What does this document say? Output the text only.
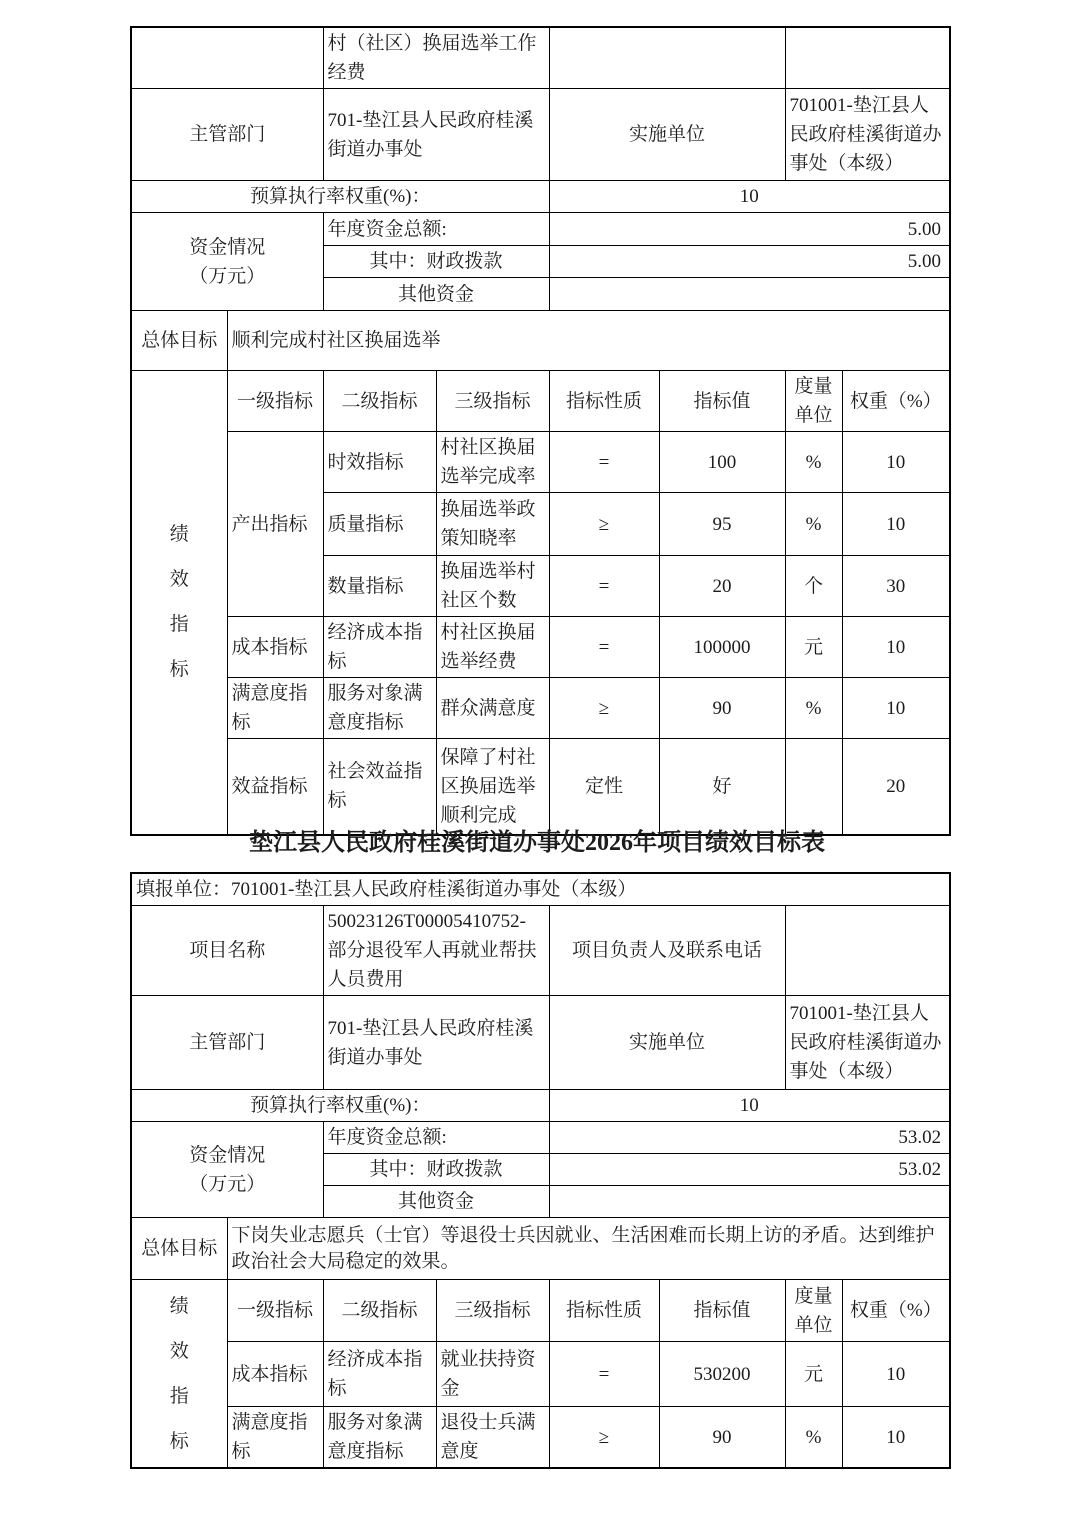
		村（社区）换届选举工作经费					
主管部门		701-垫江县人民政府桂溪街道办事处		实施单位		701001-垫江县人民政府桂溪街道办事处（本级）	
预算执行率权重(%)：				10			
资金情况（万元）		年度资金总额:		5.00			
		其中：财政拨款		5.00			
		其他资金					
总体目标	顺利完成村社区换届选举						
绩效指标	一级指标	二级指标	三级指标	指标性质	指标值	度量单位	权重（%）
	产出指标	时效指标	村社区换届选举完成率	=	100	%	10
		质量指标	换届选举政策知晓率	≥	95	%	10
		数量指标	换届选举村社区个数	=	20	个	30
	成本指标	经济成本指标	村社区换届选举经费	=	100000	元	10
	满意度指标	服务对象满意度指标	群众满意度	≥	90	%	10
	效益指标	社会效益指标	保障了村社区换届选举顺利完成	定性	好		20
垫江县人民政府桂溪街道办事处2026年项目绩效目标表
填报单位：701001-垫江县人民政府桂溪街道办事处（本级）							
项目名称		50023126T00005410752-部分退役军人再就业帮扶人员费用		项目负责人及联系电话			
主管部门		701-垫江县人民政府桂溪街道办事处		实施单位		701001-垫江县人民政府桂溪街道办事处（本级）	
预算执行率权重(%)：				10			
资金情况（万元）		年度资金总额:		53.02			
		其中：财政拨款		53.02			
		其他资金					
总体目标	下岗失业志愿兵（士官）等退役士兵因就业、生活困难而长期上访的矛盾。达到维护政治社会大局稳定的效果。						
绩效指标	一级指标	二级指标	三级指标	指标性质	指标值	度量单位	权重（%）
	成本指标	经济成本指标	就业扶持资金	=	530200	元	10
	满意度指标	服务对象满意度指标	退役士兵满意度	≥	90	%	10
